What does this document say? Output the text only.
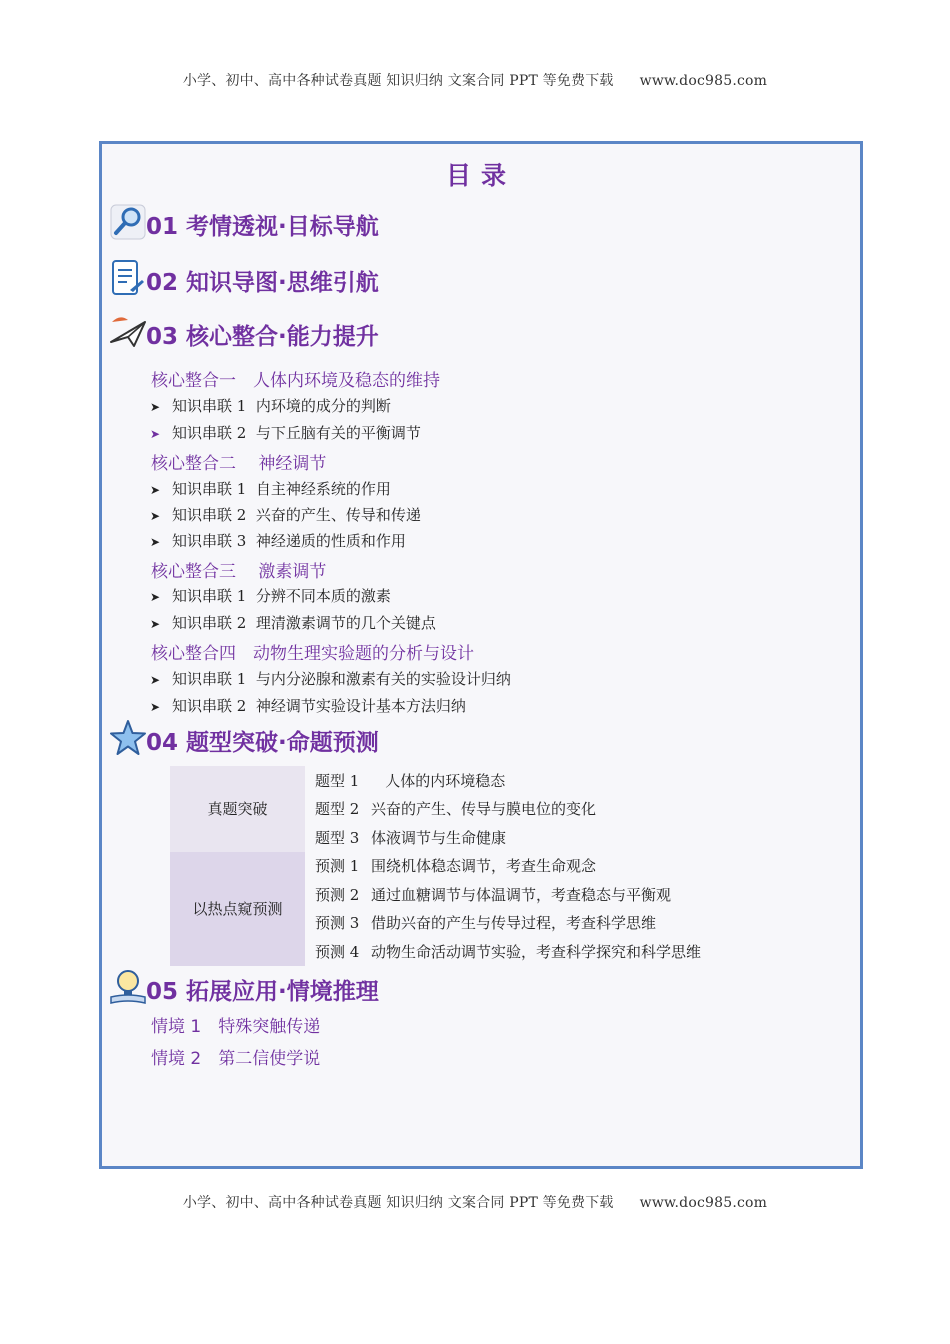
小学、初中、高中各种试卷真题 知识归纳 文案合同 PPT 等免费下载 www.doc985.com
目录
01 考情透视·目标导航
02 知识导图·思维引航
03 核心整合·能力提升
核心整合一　人体内环境及稳态的维持
➤ 知识串联 1  内环境的成分的判断
➤ 知识串联 2  与下丘脑有关的平衡调节
核心整合二　 神经调节
➤ 知识串联 1  自主神经系统的作用
➤ 知识串联 2  兴奋的产生、传导和传递
➤ 知识串联 3  神经递质的性质和作用
核心整合三　 激素调节
➤ 知识串联 1  分辨不同本质的激素
➤ 知识串联 2  理清激素调节的几个关键点
核心整合四　动物生理实验题的分析与设计
➤ 知识串联 1  与内分泌腺和激素有关的实验设计归纳
➤ 知识串联 2  神经调节实验设计基本方法归纳
04 题型突破·命题预测
真题突破	题型 1   人体的内环境稳态
	题型 2 兴奋的产生、传导与膜电位的变化
	题型 3 体液调节与生命健康
以热点窥预测	预测 1 围绕机体稳态调节，考查生命观念
	预测 2 通过血糖调节与体温调节，考查稳态与平衡观
	预测 3 借助兴奋的产生与传导过程，考查科学思维
	预测 4 动物生命活动调节实验，考查科学探究和科学思维
05 拓展应用·情境推理
情境 1　特殊突触传递
情境 2　第二信使学说
小学、初中、高中各种试卷真题 知识归纳 文案合同 PPT 等免费下载 www.doc985.com
